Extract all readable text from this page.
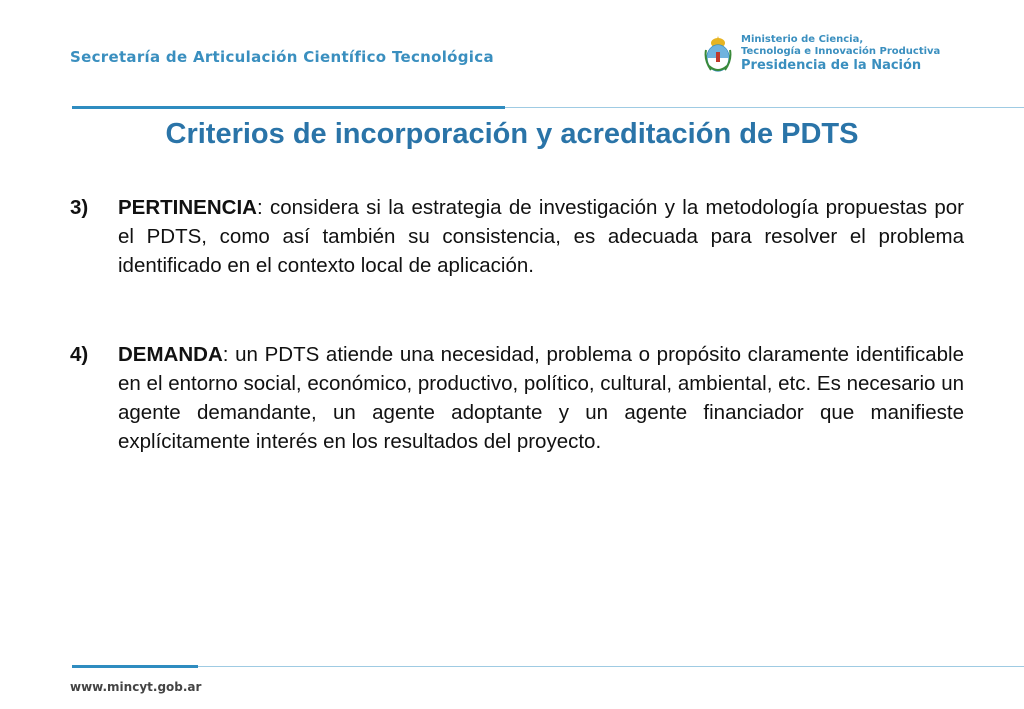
Secretaría de Articulación Científico Tecnológica
Ministerio de Ciencia,
Tecnología e Innovación Productiva
Presidencia de la Nación
Criterios de incorporación y acreditación de PDTS
3) PERTINENCIA: considera si la estrategia de investigación y la metodología propuestas por el PDTS, como así también su consistencia, es adecuada para resolver el problema identificado en el contexto local de aplicación.
4) DEMANDA: un PDTS atiende una necesidad, problema o propósito claramente identificable en el entorno social, económico, productivo, político, cultural, ambiental, etc. Es necesario un agente demandante, un agente adoptante y un agente financiador que manifieste explícitamente interés en los resultados del proyecto.
www.mincyt.gob.ar
